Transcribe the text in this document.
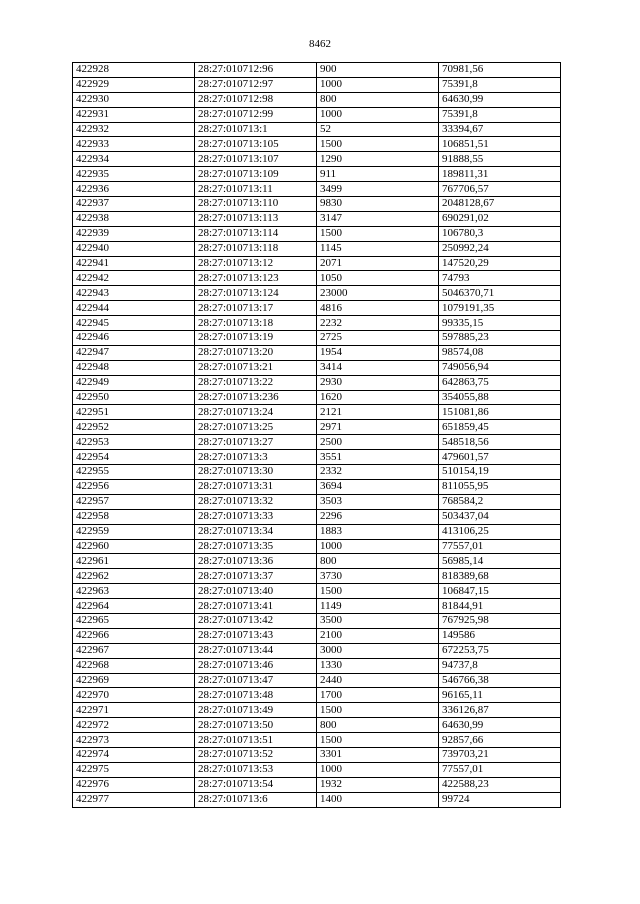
8462
422928	28:27:010712:96	900	70981,56
422929	28:27:010712:97	1000	75391,8
422930	28:27:010712:98	800	64630,99
422931	28:27:010712:99	1000	75391,8
422932	28:27:010713:1	52	33394,67
422933	28:27:010713:105	1500	106851,51
422934	28:27:010713:107	1290	91888,55
422935	28:27:010713:109	911	189811,31
422936	28:27:010713:11	3499	767706,57
422937	28:27:010713:110	9830	2048128,67
422938	28:27:010713:113	3147	690291,02
422939	28:27:010713:114	1500	106780,3
422940	28:27:010713:118	1145	250992,24
422941	28:27:010713:12	2071	147520,29
422942	28:27:010713:123	1050	74793
422943	28:27:010713:124	23000	5046370,71
422944	28:27:010713:17	4816	1079191,35
422945	28:27:010713:18	2232	99335,15
422946	28:27:010713:19	2725	597885,23
422947	28:27:010713:20	1954	98574,08
422948	28:27:010713:21	3414	749056,94
422949	28:27:010713:22	2930	642863,75
422950	28:27:010713:236	1620	354055,88
422951	28:27:010713:24	2121	151081,86
422952	28:27:010713:25	2971	651859,45
422953	28:27:010713:27	2500	548518,56
422954	28:27:010713:3	3551	479601,57
422955	28:27:010713:30	2332	510154,19
422956	28:27:010713:31	3694	811055,95
422957	28:27:010713:32	3503	768584,2
422958	28:27:010713:33	2296	503437,04
422959	28:27:010713:34	1883	413106,25
422960	28:27:010713:35	1000	77557,01
422961	28:27:010713:36	800	56985,14
422962	28:27:010713:37	3730	818389,68
422963	28:27:010713:40	1500	106847,15
422964	28:27:010713:41	1149	81844,91
422965	28:27:010713:42	3500	767925,98
422966	28:27:010713:43	2100	149586
422967	28:27:010713:44	3000	672253,75
422968	28:27:010713:46	1330	94737,8
422969	28:27:010713:47	2440	546766,38
422970	28:27:010713:48	1700	96165,11
422971	28:27:010713:49	1500	336126,87
422972	28:27:010713:50	800	64630,99
422973	28:27:010713:51	1500	92857,66
422974	28:27:010713:52	3301	739703,21
422975	28:27:010713:53	1000	77557,01
422976	28:27:010713:54	1932	422588,23
422977	28:27:010713:6	1400	99724
